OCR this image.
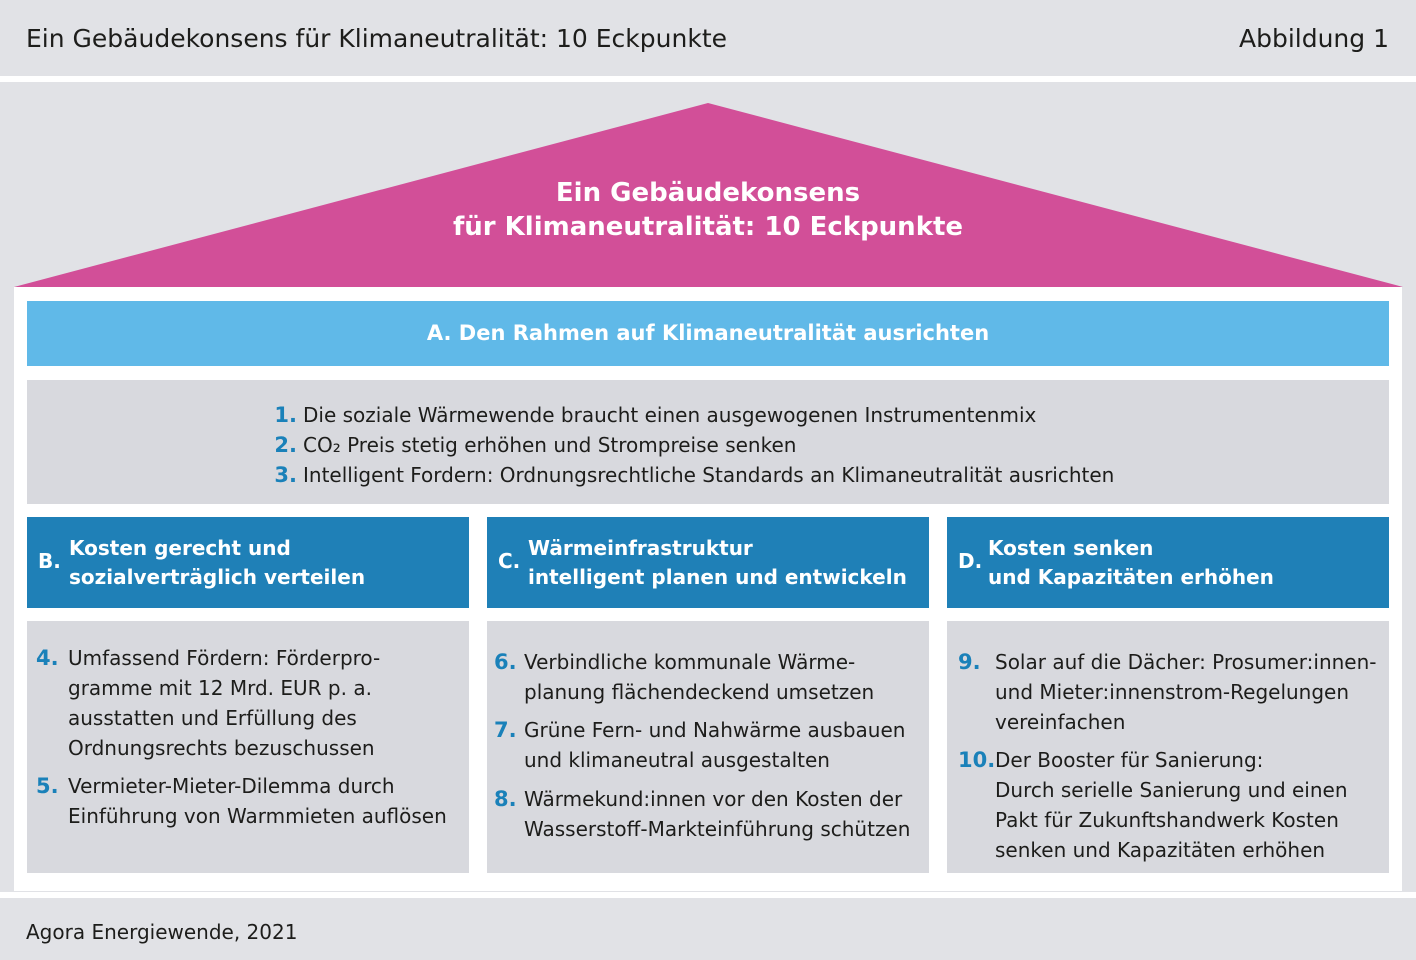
Ein Gebäudekonsens für Klimaneutralität: 10 Eckpunkte	Abbildung 1
Ein Gebäudekonsens
für Klimaneutralität: 10 Eckpunkte
A. Den Rahmen auf Klimaneutralität ausrichten
1. Die soziale Wärmewende braucht einen ausgewogenen Instrumentenmix
2. CO₂ Preis stetig erhöhen und Strompreise senken
3. Intelligent Fordern: Ordnungsrechtliche Standards an Klimaneutralität ausrichten
B.
Kosten gerecht und
sozialverträglich verteilen
C.
Wärmeinfrastruktur
intelligent planen und entwickeln
D.
Kosten senken
und Kapazitäten erhöhen
4. Umfassend Fördern: Förderpro-
gramme mit 12 Mrd. EUR p. a.
ausstatten und Erfüllung des
Ordnungsrechts bezuschussen
5. Vermieter-Mieter-Dilemma durch
Einführung von Warmmieten auflösen
6. Verbindliche kommunale Wärme-
planung flächendeckend umsetzen
7. Grüne Fern- und Nahwärme ausbauen
und klimaneutral ausgestalten
8. Wärmekund:innen vor den Kosten der
Wasserstoff-Markteinführung schützen
9. Solar auf die Dächer: Prosumer:innen-
und Mieter:innenstrom-Regelungen
vereinfachen
10. Der Booster für Sanierung:
Durch serielle Sanierung und einen
Pakt für Zukunftshandwerk Kosten
senken und Kapazitäten erhöhen
Agora Energiewende, 2021
